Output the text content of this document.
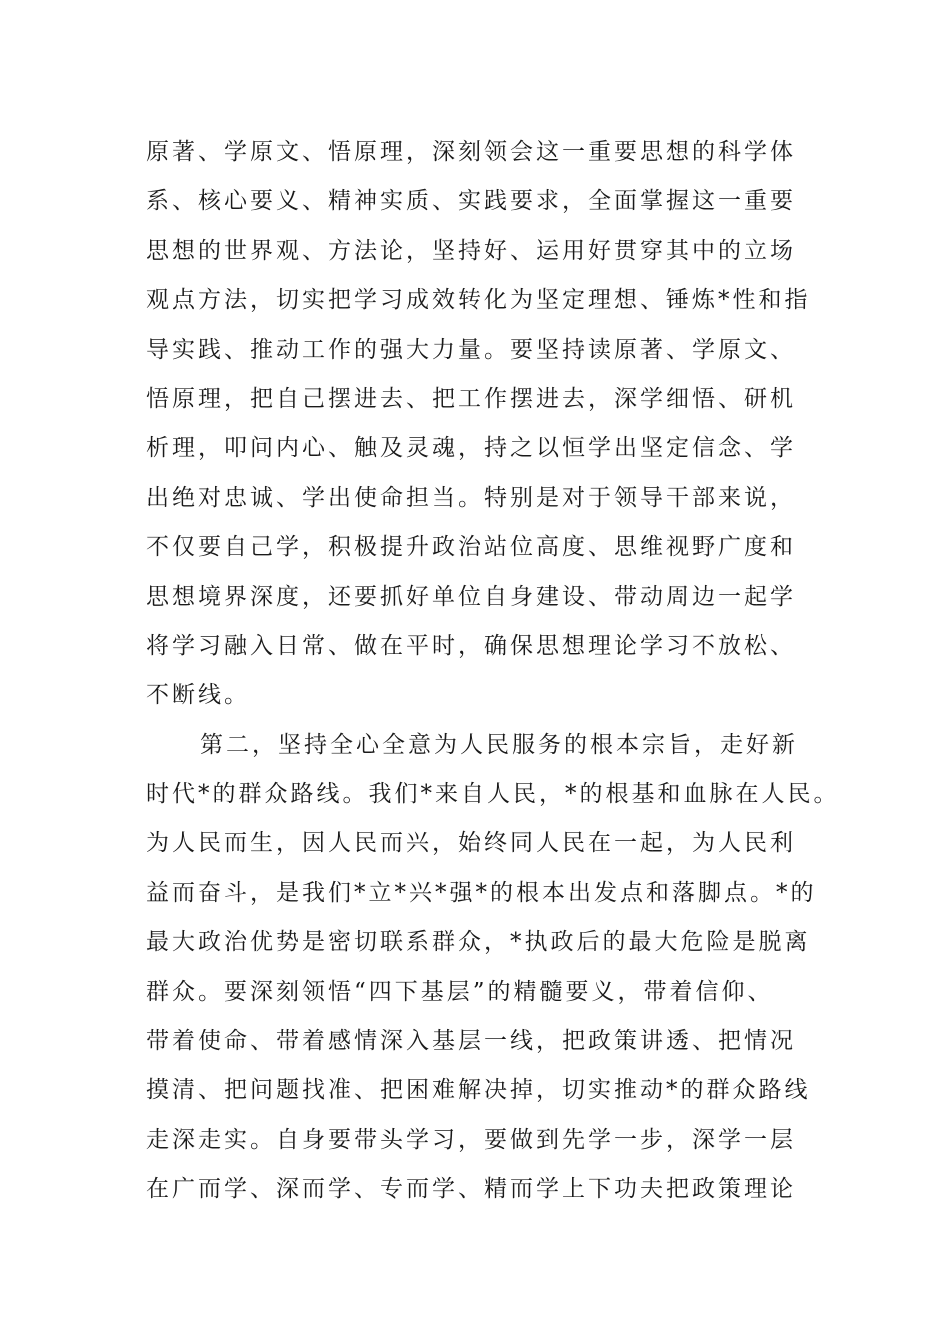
原著、学原文、悟原理，深刻领会这一重要思想的科学体
系、核心要义、精神实质、实践要求，全面掌握这一重要
思想的世界观、方法论，坚持好、运用好贯穿其中的立场
观点方法，切实把学习成效转化为坚定理想、锤炼*性和指
导实践、推动工作的强大力量。要坚持读原著、学原文、
悟原理，把自己摆进去、把工作摆进去，深学细悟、研机
析理，叩问内心、触及灵魂，持之以恒学出坚定信念、学
出绝对忠诚、学出使命担当。特别是对于领导干部来说，
不仅要自己学，积极提升政治站位高度、思维视野广度和
思想境界深度，还要抓好单位自身建设、带动周边一起学
将学习融入日常、做在平时，确保思想理论学习不放松、
不断线。
第二，坚持全心全意为人民服务的根本宗旨，走好新
时代*的群众路线。我们*来自人民，*的根基和血脉在人民。
为人民而生，因人民而兴，始终同人民在一起，为人民利
益而奋斗，是我们*立*兴*强*的根本出发点和落脚点。*的
最大政治优势是密切联系群众，*执政后的最大危险是脱离
群众。要深刻领悟“四下基层”的精髓要义，带着信仰、
带着使命、带着感情深入基层一线，把政策讲透、把情况
摸清、把问题找准、把困难解决掉，切实推动*的群众路线
走深走实。自身要带头学习，要做到先学一步，深学一层
在广而学、深而学、专而学、精而学上下功夫把政策理论
